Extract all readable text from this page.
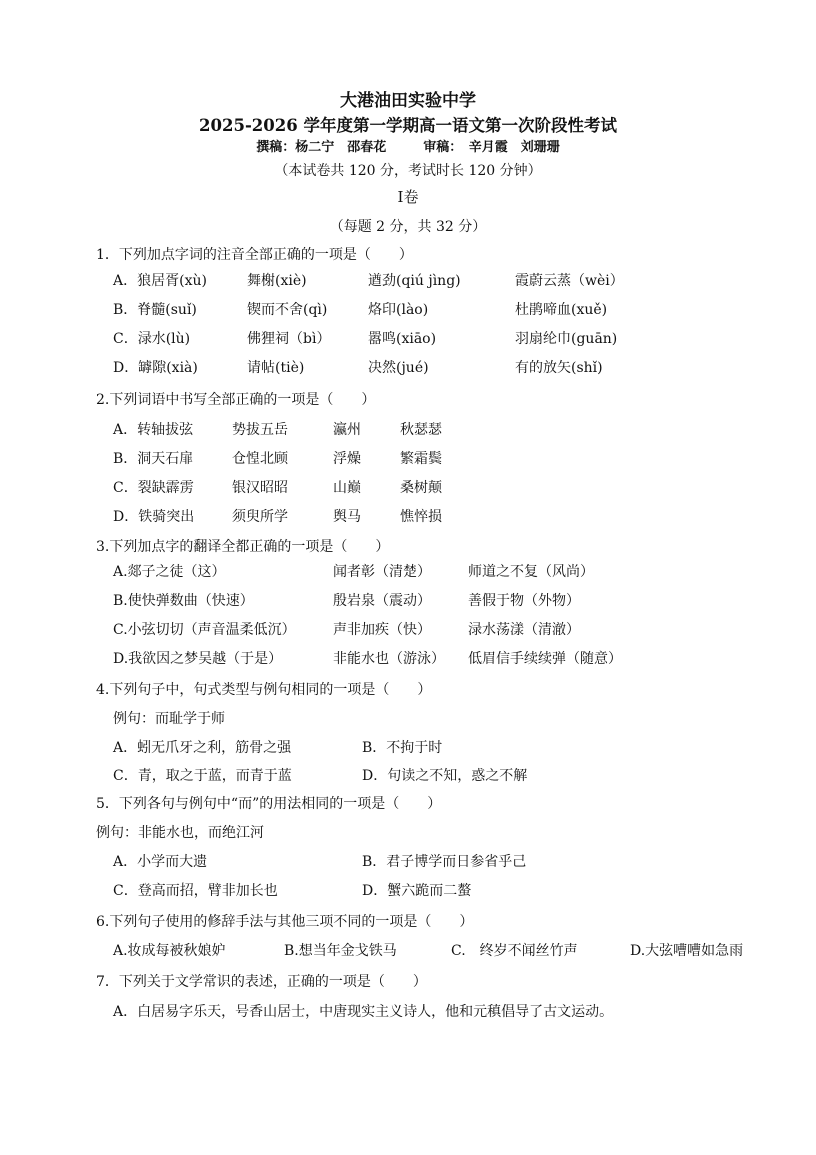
大港油田实验中学
2025-2026 学年度第一学期高一语文第一次阶段性考试
撰稿：杨二宁　邵春花	审稿：　辛月霞　刘珊珊
（本试卷共 120 分，考试时长 120 分钟）
Ⅰ卷
（每题 2 分，共 32 分）
1．下列加点字词的注音全部正确的一项是（　　）
A．狼居胥(xù)	舞榭(xiè)	遒劲(qiú jìng)	霞蔚云蒸（wèi）
B．脊髓(suǐ)	锲而不舍(qì)	烙印(lào)	杜鹃啼血(xuě)
C．渌水(lù)	佛狸祠（bì）	嚣鸣(xiāo)	羽扇纶巾(guān)
D．罅隙(xià)	请帖(tiè)	决然(jué)	有的放矢(shǐ)
2.下列词语中书写全部正确的一项是（　　）
A．转轴拔弦	势拔五岳	瀛州	秋瑟瑟
B．洞天石扉	仓惶北顾	浮燥	繁霜鬓
C．裂缺霹雳	银汉昭昭	山巅	桑树颠
D．铁骑突出	须臾所学	舆马	憔悴损
3.下列加点字的翻译全都正确的一项是（　　）
A.郯子之徒（这）	闻者彰（清楚）	师道之不复（风尚）
B.使快弹数曲（快速）	殷岩泉（震动）	善假于物（外物）
C.小弦切切（声音温柔低沉）	声非加疾（快）	渌水荡漾（清澈）
D.我欲因之梦吴越（于是）	非能水也（游泳） 低眉信手续续弹（随意）
4.下列句子中，句式类型与例句相同的一项是（　　）
例句：而耻学于师
A．蚓无爪牙之利，筋骨之强	B．不拘于时
C．青，取之于蓝，而青于蓝	D．句读之不知，惑之不解
5．下列各句与例句中“而”的用法相同的一项是（　　）
例句：非能水也，而绝江河
A．小学而大遗	B．君子博学而日参省乎己
C．登高而招，臂非加长也	D．蟹六跪而二螯
6.下列句子使用的修辞手法与其他三项不同的一项是（　　）
A.妆成每被秋娘妒	B.想当年金戈铁马	C.　终岁不闻丝竹声	D.大弦嘈嘈如急雨
7．下列关于文学常识的表述，正确的一项是（　　）
A．白居易字乐天，号香山居士，中唐现实主义诗人，他和元稹倡导了古文运动。
